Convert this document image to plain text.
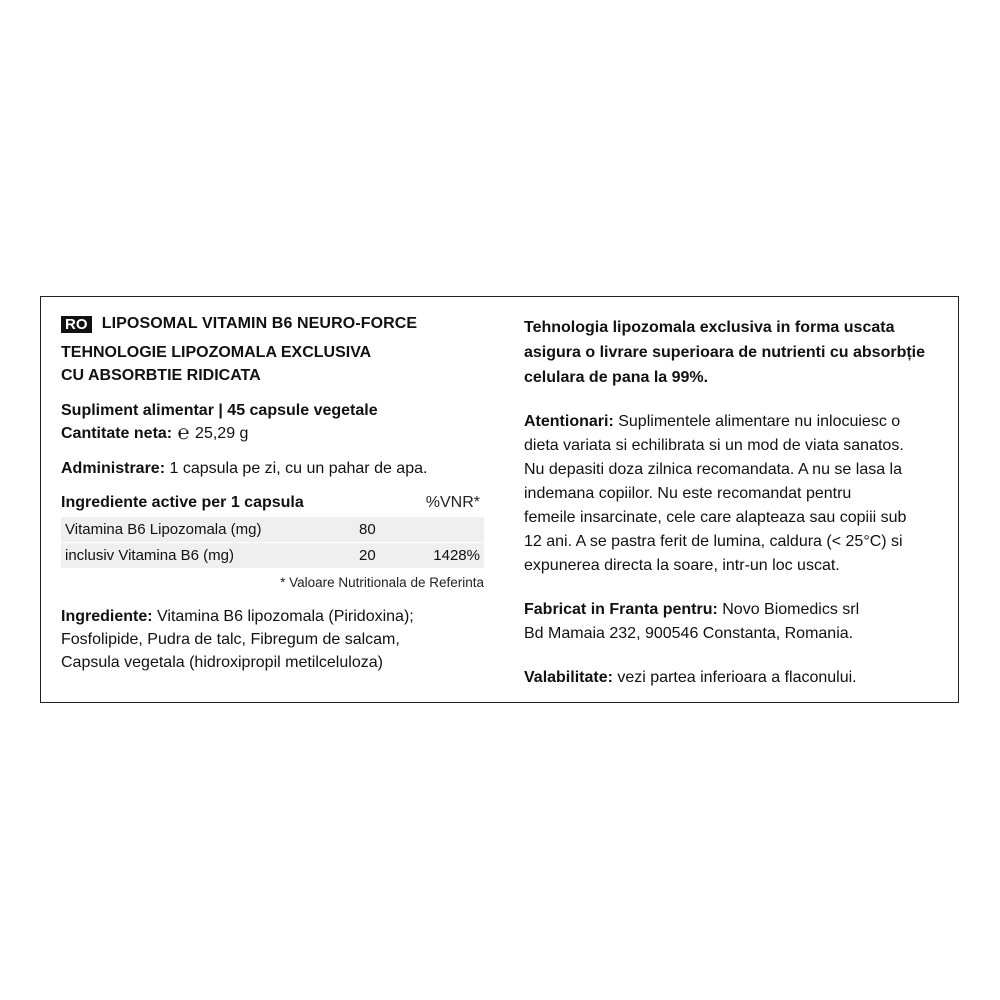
RO LIPOSOMAL VITAMIN B6 NEURO-FORCE
TEHNOLOGIE LIPOZOMALA EXCLUSIVA
CU ABSORBTIE RIDICATA
Supliment alimentar | 45 capsule vegetale
Cantitate neta: ℮ 25,29 g
Administrare: 1 capsula pe zi, cu un pahar de apa.
Ingrediente active per 1 capsula	%VNR*
Vitamina B6 Lipozomala (mg)	80
inclusiv Vitamina B6 (mg)	20	1428%
* Valoare Nutritionala de Referinta
Ingrediente: Vitamina B6 lipozomala (Piridoxina);
Fosfolipide, Pudra de talc, Fibregum de salcam,
Capsula vegetala (hidroxipropil metilceluloza)
Tehnologia lipozomala exclusiva in forma uscata
asigura o livrare superioara de nutrienti cu absorbție
celulara de pana la 99%.
Atentionari: Suplimentele alimentare nu inlocuiesc o
dieta variata si echilibrata si un mod de viata sanatos.
Nu depasiti doza zilnica recomandata. A nu se lasa la
indemana copiilor. Nu este recomandat pentru
femeile insarcinate, cele care alapteaza sau copiii sub
12 ani. A se pastra ferit de lumina, caldura (< 25°C) si
expunerea directa la soare, intr-un loc uscat.
Fabricat in Franta pentru: Novo Biomedics srl
Bd Mamaia 232, 900546 Constanta, Romania.
Valabilitate: vezi partea inferioara a flaconului.
